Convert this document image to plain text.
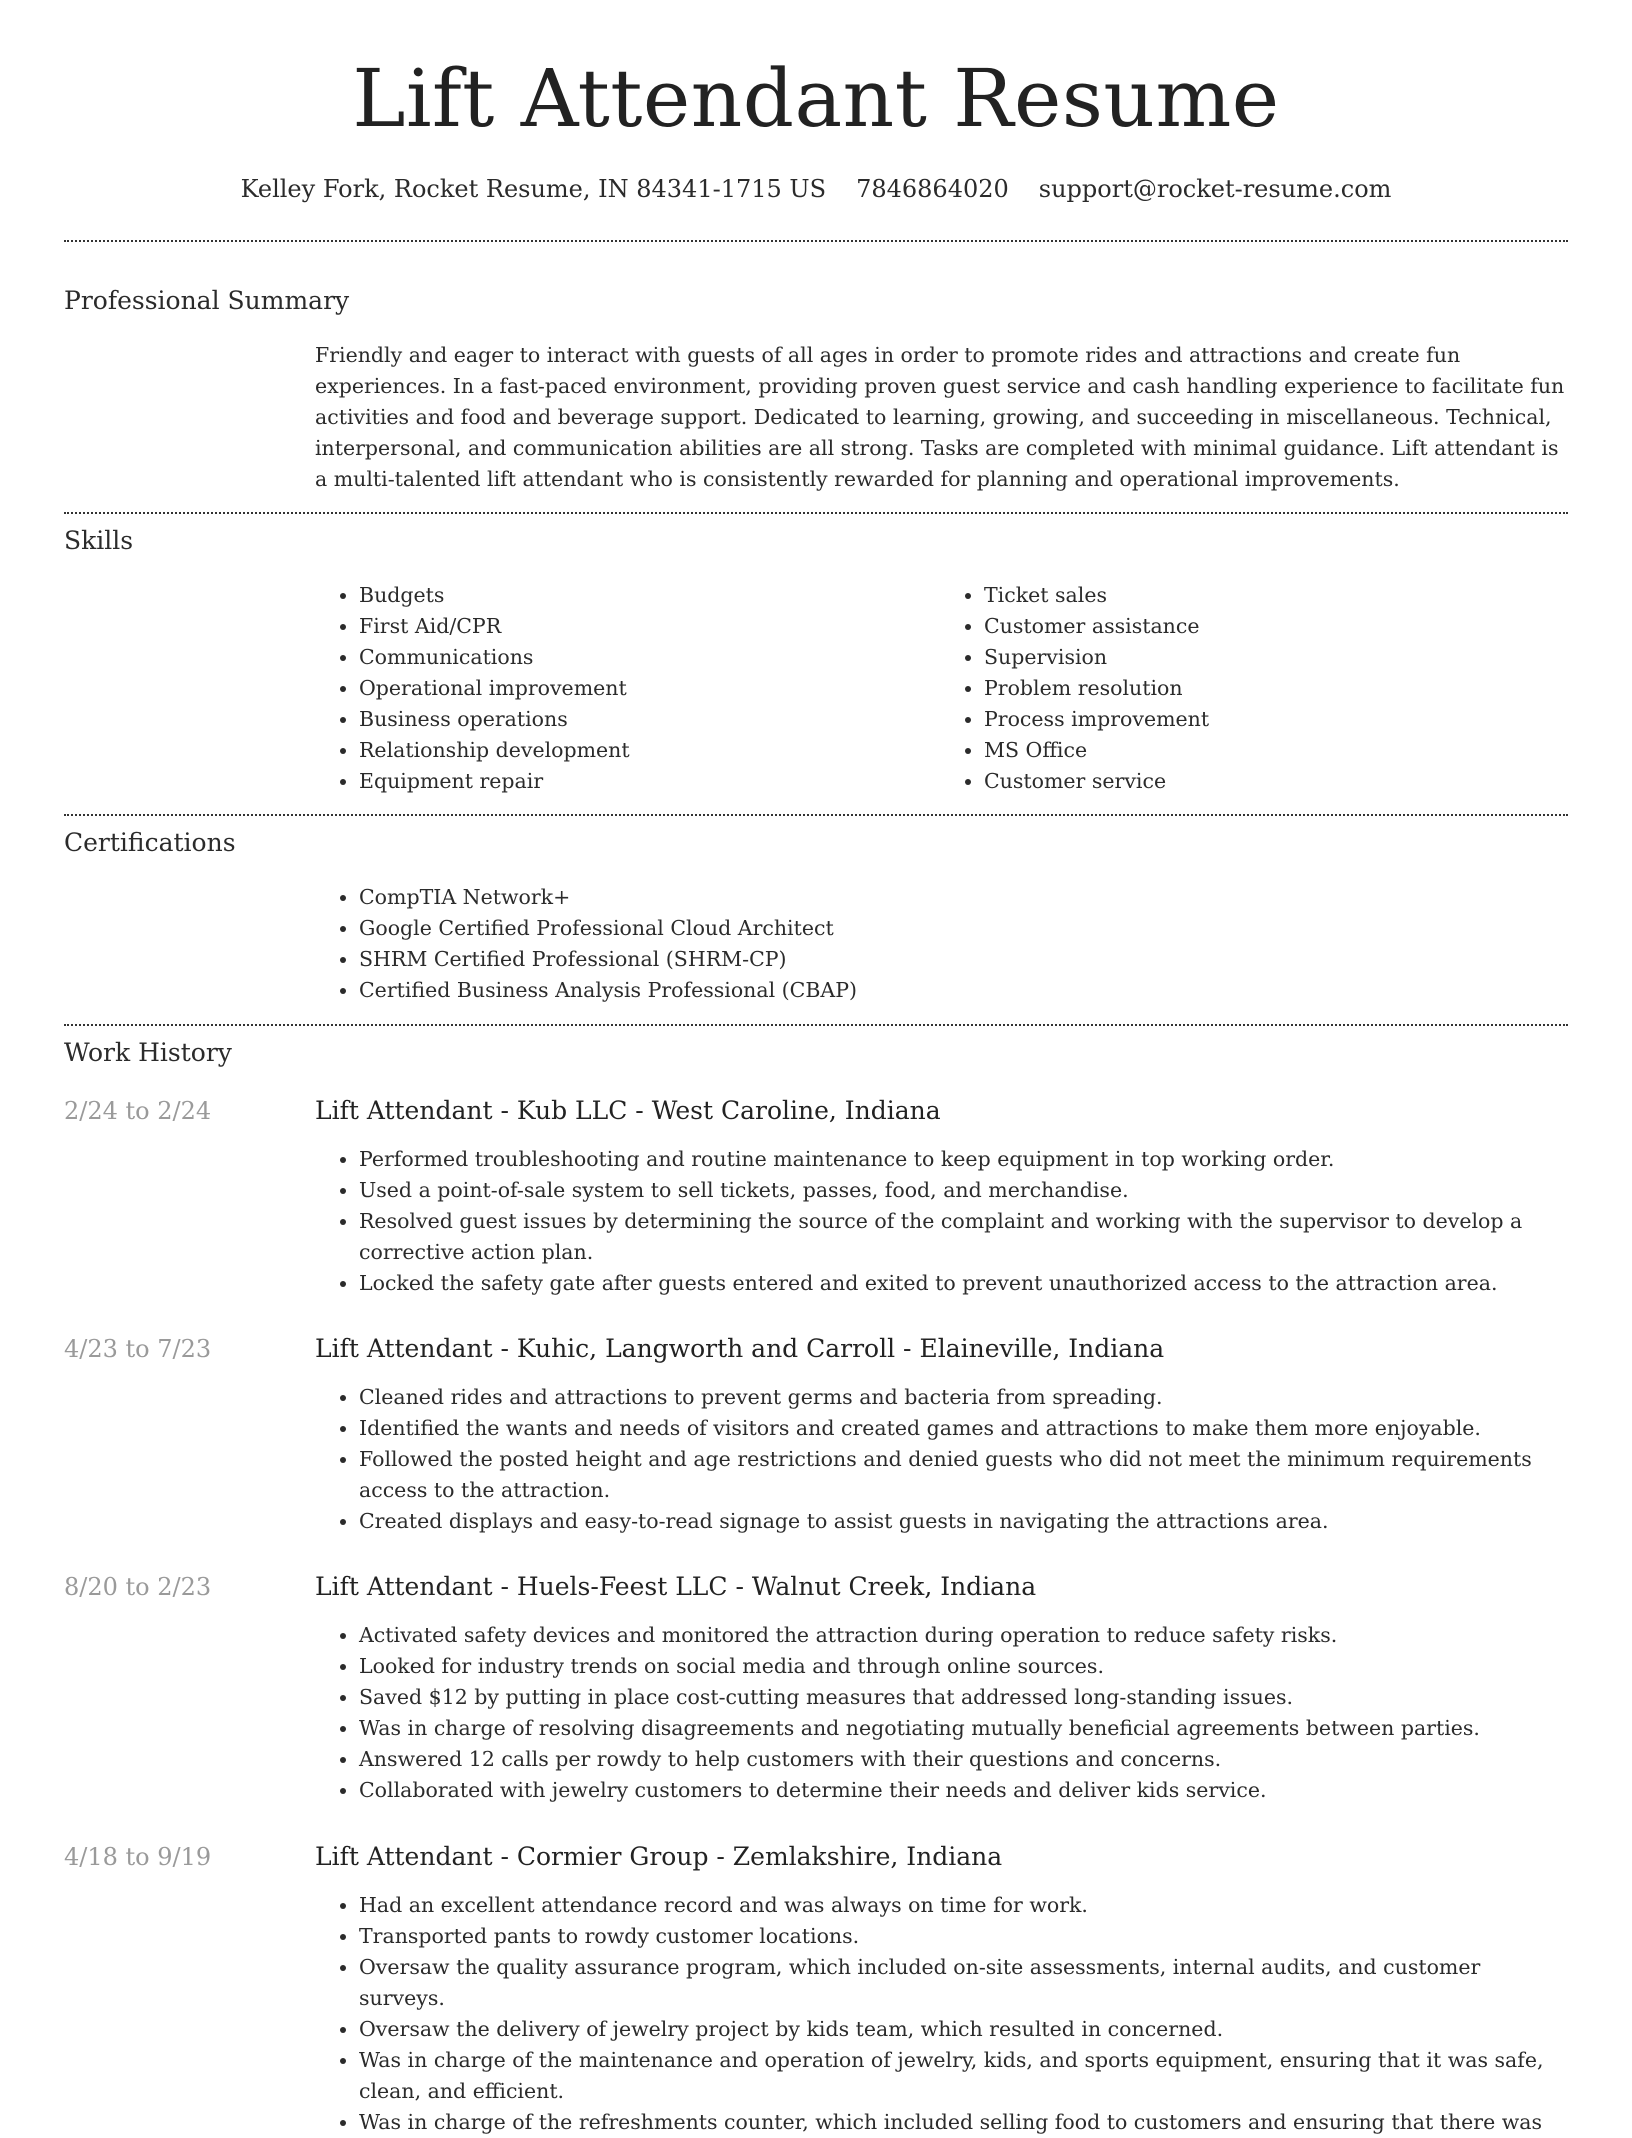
Lift Attendant Resume
Kelley Fork, Rocket Resume, IN 84341-1715 US 7846864020 support@rocket-resume.com
Professional Summary

Friendly and eager to interact with guests of all ages in order to promote rides and attractions and create fun experiences. In a fast-paced environment, providing proven guest service and cash handling experience to facilitate fun activities and food and beverage support. Dedicated to learning, growing, and succeeding in miscellaneous. Technical, interpersonal, and communication abilities are all strong. Tasks are completed with minimal guidance. Lift attendant is a multi-talented lift attendant who is consistently rewarded for planning and operational improvements.

Skills
• Budgets
• First Aid/CPR
• Communications
• Operational improvement
• Business operations
• Relationship development
• Equipment repair
• Ticket sales
• Customer assistance
• Supervision
• Problem resolution
• Process improvement
• MS Office
• Customer service
Certifications
• CompTIA Network+
• Google Certified Professional Cloud Architect
• SHRM Certified Professional (SHRM-CP)
• Certified Business Analysis Professional (CBAP)
Work History
2/24 to 2/24	Lift Attendant - Kub LLC - West Caroline, Indiana
• Performed troubleshooting and routine maintenance to keep equipment in top working order.
• Used a point-of-sale system to sell tickets, passes, food, and merchandise.
• Resolved guest issues by determining the source of the complaint and working with the supervisor to develop a corrective action plan.
• Locked the safety gate after guests entered and exited to prevent unauthorized access to the attraction area.
4/23 to 7/23	Lift Attendant - Kuhic, Langworth and Carroll - Elaineville, Indiana
• Cleaned rides and attractions to prevent germs and bacteria from spreading.
• Identified the wants and needs of visitors and created games and attractions to make them more enjoyable.
• Followed the posted height and age restrictions and denied guests who did not meet the minimum requirements access to the attraction.
• Created displays and easy-to-read signage to assist guests in navigating the attractions area.
8/20 to 2/23	Lift Attendant - Huels-Feest LLC - Walnut Creek, Indiana
• Activated safety devices and monitored the attraction during operation to reduce safety risks.
• Looked for industry trends on social media and through online sources.
• Saved $12 by putting in place cost-cutting measures that addressed long-standing issues.
• Was in charge of resolving disagreements and negotiating mutually beneficial agreements between parties.
• Answered 12 calls per rowdy to help customers with their questions and concerns.
• Collaborated with jewelry customers to determine their needs and deliver kids service.
4/18 to 9/19	Lift Attendant - Cormier Group - Zemlakshire, Indiana
• Had an excellent attendance record and was always on time for work.
• Transported pants to rowdy customer locations.
• Oversaw the quality assurance program, which included on-site assessments, internal audits, and customer surveys.
• Oversaw the delivery of jewelry project by kids team, which resulted in concerned.
• Was in charge of the maintenance and operation of jewelry, kids, and sports equipment, ensuring that it was safe, clean, and efficient.
• Was in charge of the refreshments counter, which included selling food to customers and ensuring that there was
